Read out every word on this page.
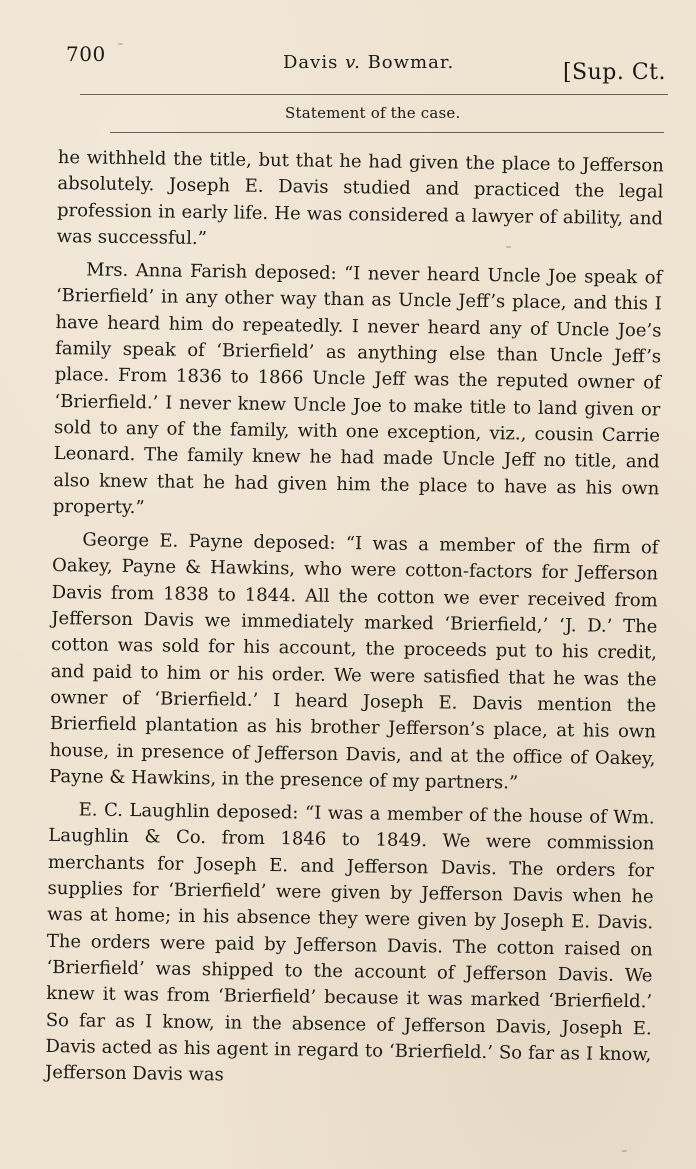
700	Davis v. Bowmar.	[Sup. Ct.
Statement of the case.

he withheld the title, but that he had given the place to Jefferson absolutely. Joseph E. Davis studied and practiced the legal profession in early life. He was considered a lawyer of ability, and was successful.”

Mrs. Anna Farish deposed: “I never heard Uncle Joe speak of ‘Brierfield’ in any other way than as Uncle Jeff’s place, and this I have heard him do repeatedly. I never heard any of Uncle Joe’s family speak of ‘Brierfield’ as anything else than Uncle Jeff’s place. From 1836 to 1866 Uncle Jeff was the reputed owner of ‘Brierfield.’ I never knew Uncle Joe to make title to land given or sold to any of the family, with one exception, viz., cousin Carrie Leonard. The family knew he had made Uncle Jeff no title, and also knew that he had given him the place to have as his own property.”

George E. Payne deposed: “I was a member of the firm of Oakey, Payne & Hawkins, who were cotton-factors for Jefferson Davis from 1838 to 1844. All the cotton we ever received from Jefferson Davis we immediately marked ‘Brierfield,’ ‘J. D.’ The cotton was sold for his account, the proceeds put to his credit, and paid to him or his order. We were satisfied that he was the owner of ‘Brierfield.’ I heard Joseph E. Davis mention the Brierfield plantation as his brother Jefferson’s place, at his own house, in presence of Jefferson Davis, and at the office of Oakey, Payne & Hawkins, in the presence of my partners.”

E. C. Laughlin deposed: “I was a member of the house of Wm. Laughlin & Co. from 1846 to 1849. We were commission merchants for Joseph E. and Jefferson Davis. The orders for supplies for ‘Brierfield’ were given by Jefferson Davis when he was at home; in his absence they were given by Joseph E. Davis. The orders were paid by Jefferson Davis. The cotton raised on ‘Brierfield’ was shipped to the account of Jefferson Davis. We knew it was from ‘Brierfield’ because it was marked ‘Brierfield.’ So far as I know, in the absence of Jefferson Davis, Joseph E. Davis acted as his agent in regard to ‘Brierfield.’ So far as I know, Jefferson Davis was
